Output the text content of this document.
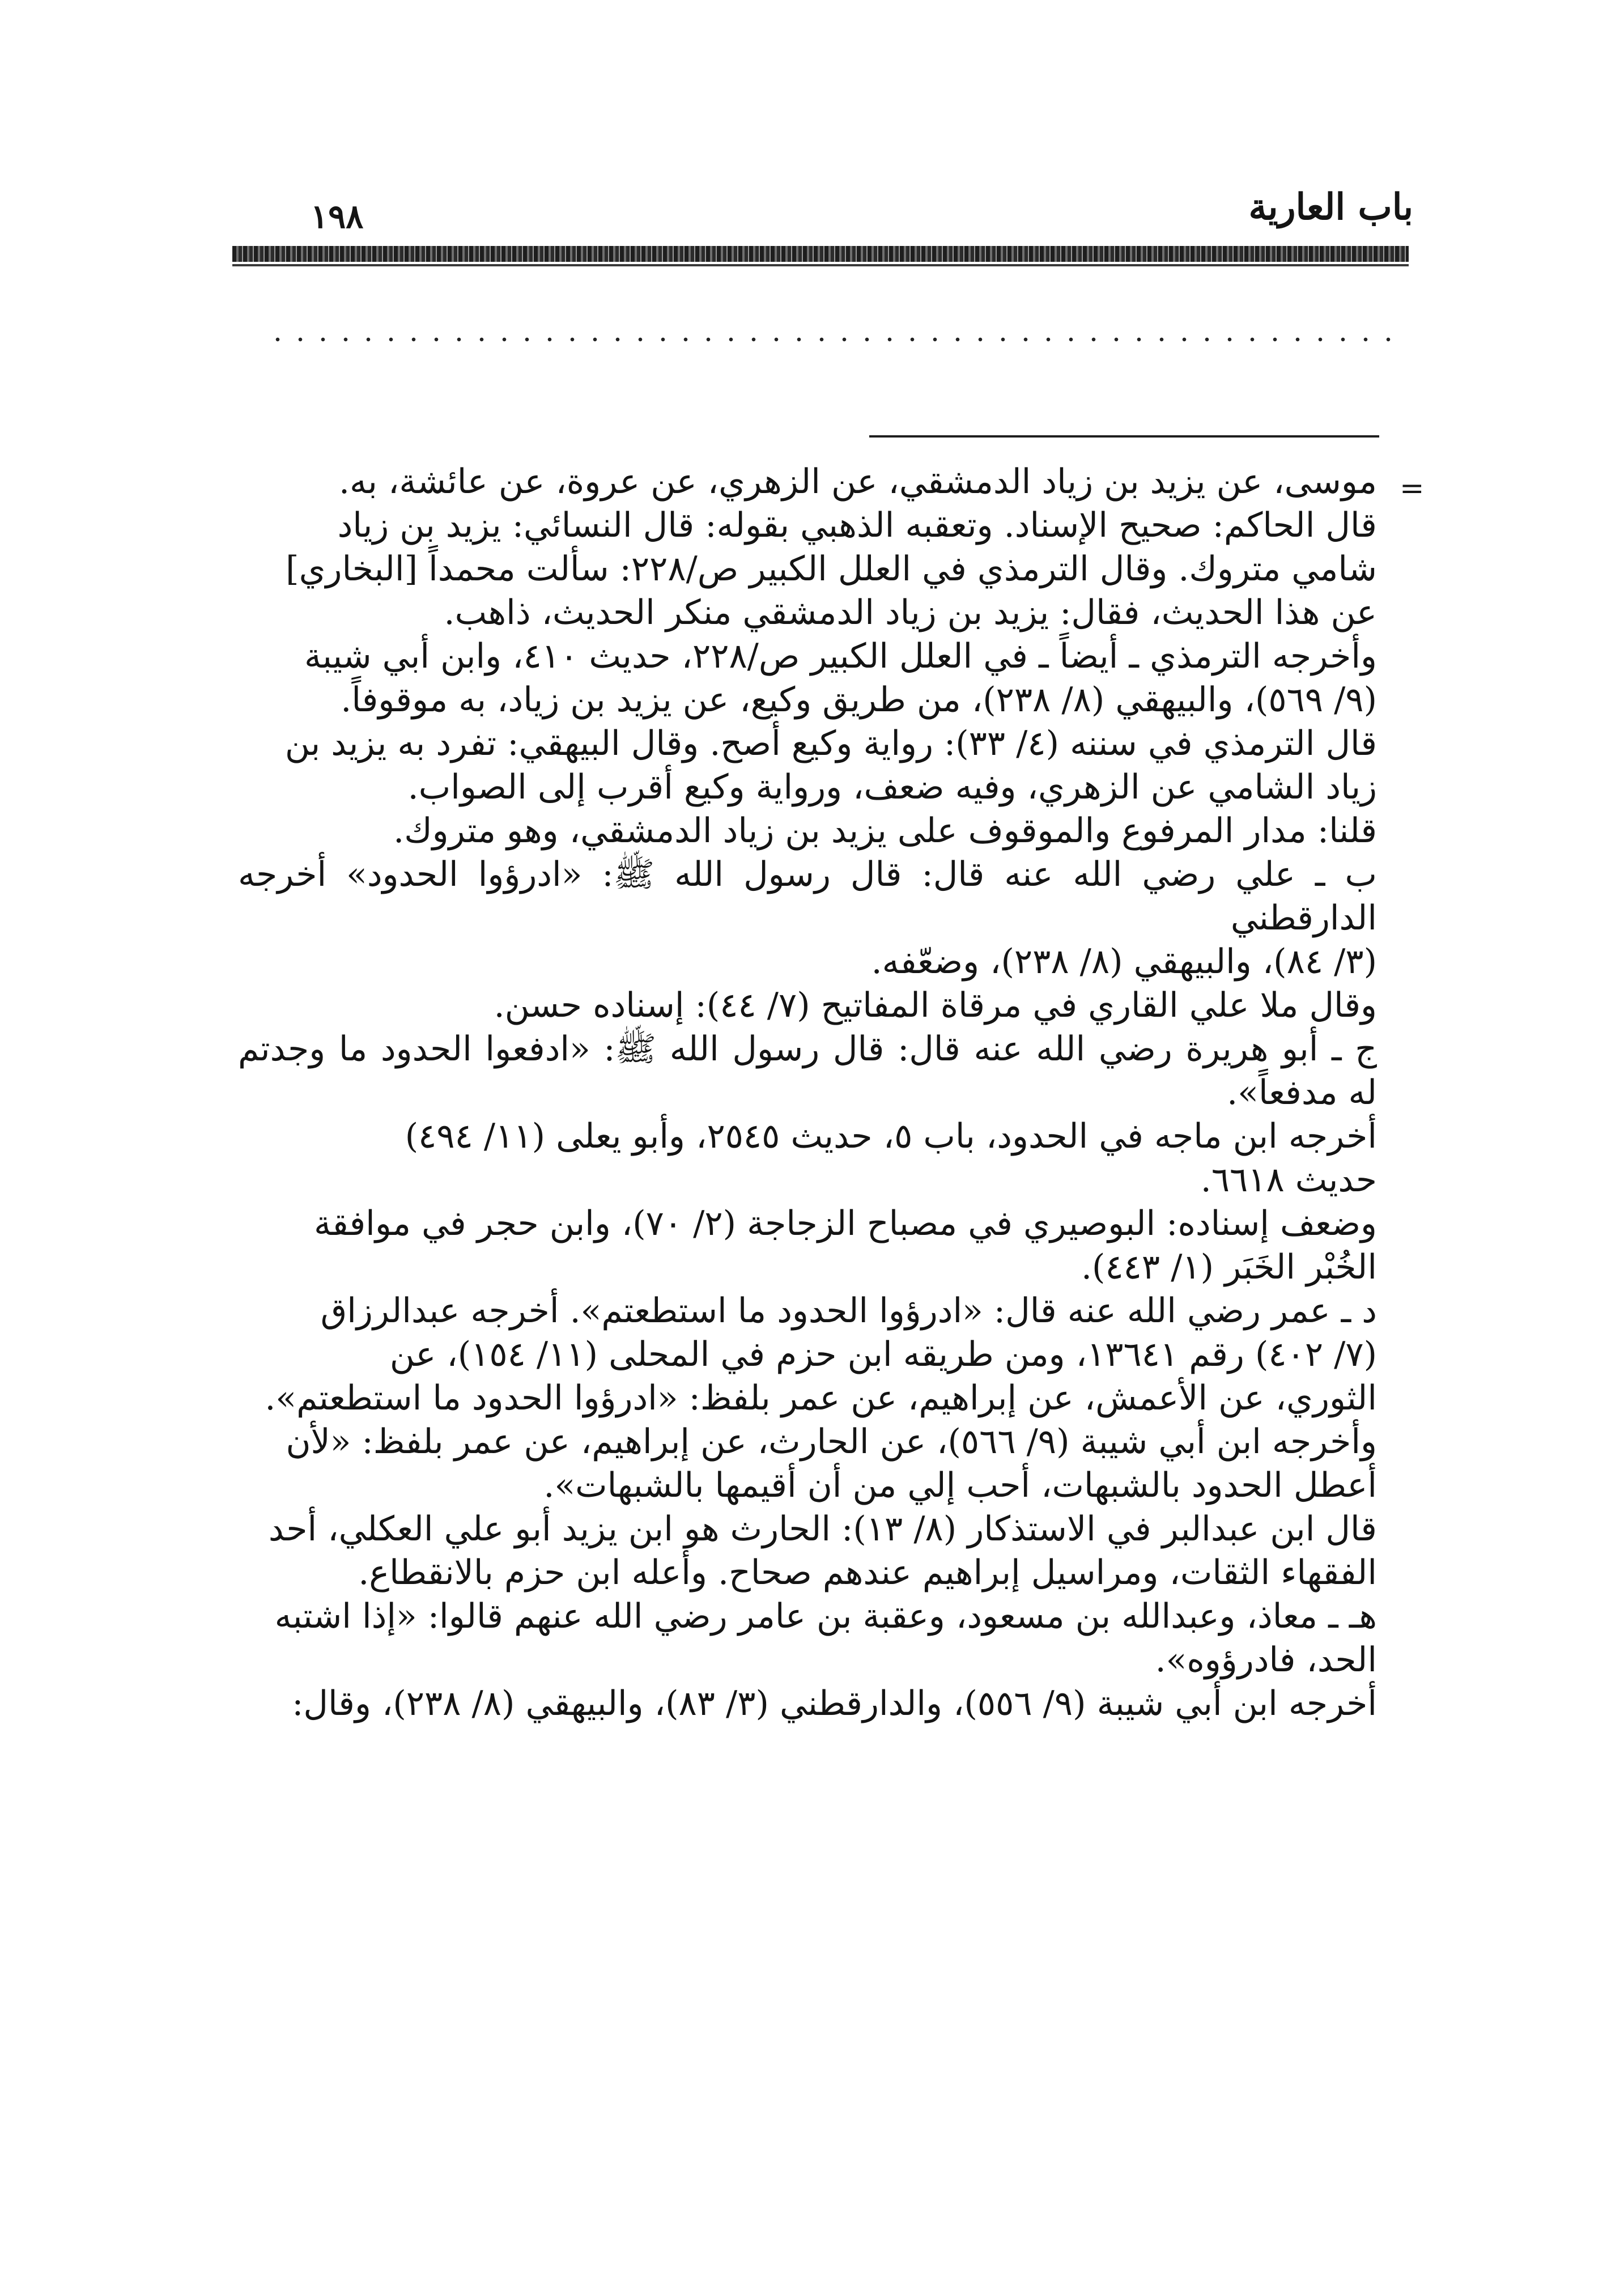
١٩٨	باب العارية
=

موسى، عن يزيد بن زياد الدمشقي، عن الزهري، عن عروة، عن عائشة، به.

قال الحاكم: صحيح الإسناد. وتعقبه الذهبي بقوله: قال النسائي: يزيد بن زياد

شامي متروك. وقال الترمذي في العلل الكبير ص/٢٢٨: سألت محمداً [البخاري]

عن هذا الحديث، فقال: يزيد بن زياد الدمشقي منكر الحديث، ذاهب.

وأخرجه الترمذي ـ أيضاً ـ في العلل الكبير ص/٢٢٨، حديث ٤١٠، وابن أبي شيبة

(٩/ ٥٦٩)، والبيهقي (٨/ ٢٣٨)، من طريق وكيع، عن يزيد بن زياد، به موقوفاً.

قال الترمذي في سننه (٤/ ٣٣): رواية وكيع أصح. وقال البيهقي: تفرد به يزيد بن

زياد الشامي عن الزهري، وفيه ضعف، ورواية وكيع أقرب إلى الصواب.

قلنا: مدار المرفوع والموقوف على يزيد بن زياد الدمشقي، وهو متروك.

ب ـ علي رضي الله عنه قال: قال رسول الله ﷺ: «ادرؤوا الحدود» أخرجه الدارقطني

(٣/ ٨٤)، والبيهقي (٨/ ٢٣٨)، وضعّفه.

وقال ملا علي القاري في مرقاة المفاتيح (٧/ ٤٤): إسناده حسن.

ج ـ أبو هريرة رضي الله عنه قال: قال رسول الله ﷺ: «ادفعوا الحدود ما وجدتم له مدفعاً».

أخرجه ابن ماجه في الحدود، باب ٥، حديث ٢٥٤٥، وأبو يعلى (١١/ ٤٩٤)

حديث ٦٦١٨.

وضعف إسناده: البوصيري في مصباح الزجاجة (٢/ ٧٠)، وابن حجر في موافقة

الخُبْر الخَبَر (١/ ٤٤٣).

د ـ عمر رضي الله عنه قال: «ادرؤوا الحدود ما استطعتم». أخرجه عبدالرزاق

(٧/ ٤٠٢) رقم ١٣٦٤١، ومن طريقه ابن حزم في المحلى (١١/ ١٥٤)، عن

الثوري، عن الأعمش، عن إبراهيم، عن عمر بلفظ: «ادرؤوا الحدود ما استطعتم».

وأخرجه ابن أبي شيبة (٩/ ٥٦٦)، عن الحارث، عن إبراهيم، عن عمر بلفظ: «لأن

أعطل الحدود بالشبهات، أحب إلي من أن أقيمها بالشبهات».

قال ابن عبدالبر في الاستذكار (٨/ ١٣): الحارث هو ابن يزيد أبو علي العكلي، أحد

الفقهاء الثقات، ومراسيل إبراهيم عندهم صحاح. وأعله ابن حزم بالانقطاع.

هـ ـ معاذ، وعبدالله بن مسعود، وعقبة بن عامر رضي الله عنهم قالوا: «إذا اشتبه

الحد، فادرؤوه».

أخرجه ابن أبي شيبة (٩/ ٥٥٦)، والدارقطني (٣/ ٨٣)، والبيهقي (٨/ ٢٣٨)، وقال:
